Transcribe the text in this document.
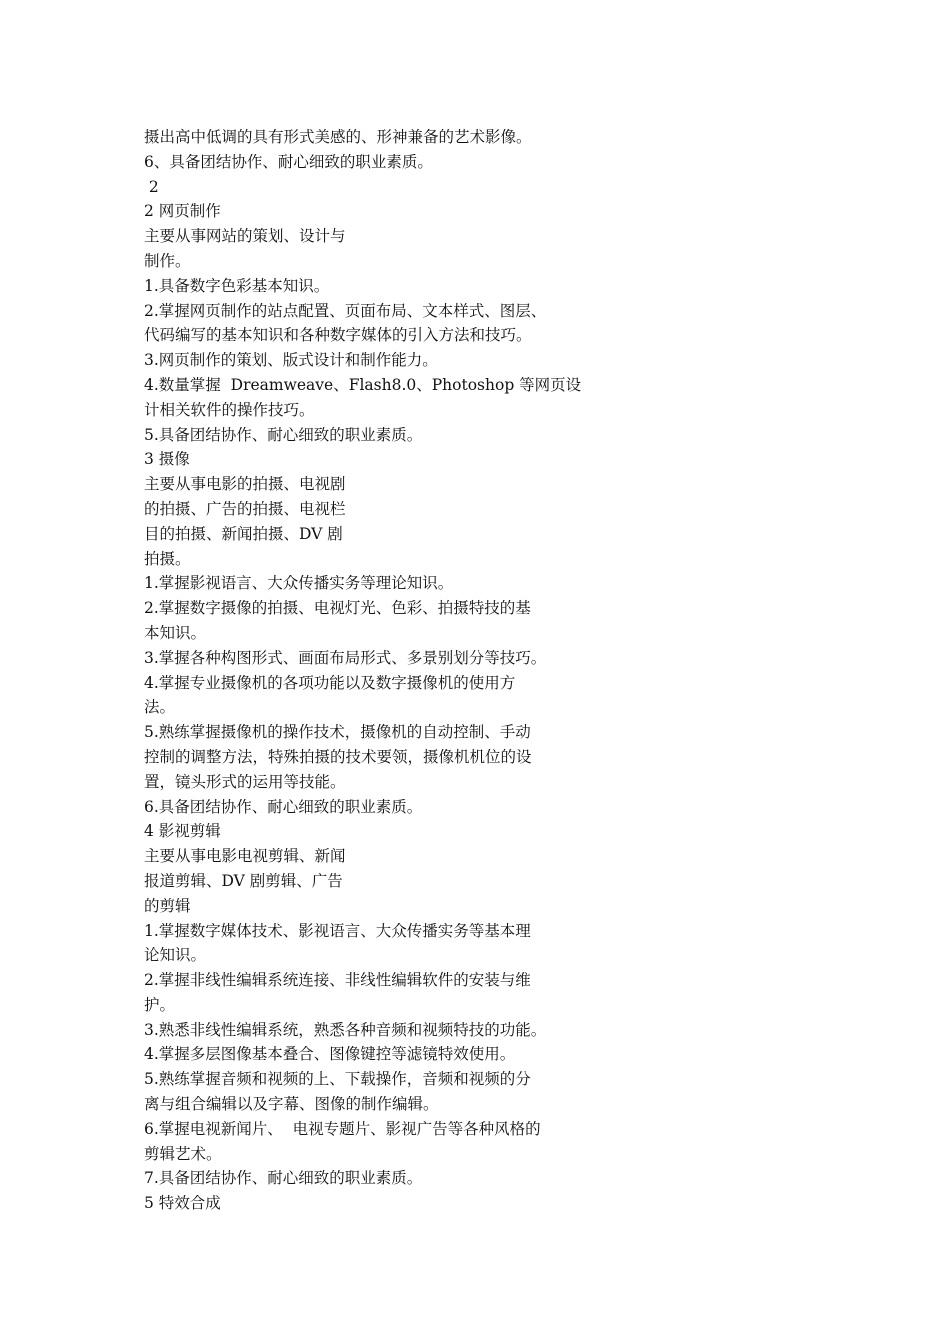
摄出高中低调的具有形式美感的、形神兼备的艺术影像。
6、具备团结协作、耐心细致的职业素质。
2
2 网页制作
主要从事网站的策划、设计与
制作。
1.具备数字色彩基本知识。
2.掌握网页制作的站点配置、页面布局、文本样式、图层、
代码编写的基本知识和各种数字媒体的引入方法和技巧。
3.网页制作的策划、版式设计和制作能力。
4.数量掌握  Dreamweave、Flash8.0、Photoshop 等网页设
计相关软件的操作技巧。
5.具备团结协作、耐心细致的职业素质。
3 摄像
主要从事电影的拍摄、电视剧
的拍摄、广告的拍摄、电视栏
目的拍摄、新闻拍摄、DV 剧
拍摄。
1.掌握影视语言、大众传播实务等理论知识。
2.掌握数字摄像的拍摄、电视灯光、色彩、拍摄特技的基
本知识。
3.掌握各种构图形式、画面布局形式、多景别划分等技巧。
4.掌握专业摄像机的各项功能以及数字摄像机的使用方
法。
5.熟练掌握摄像机的操作技术，摄像机的自动控制、手动
控制的调整方法，特殊拍摄的技术要领，摄像机机位的设
置，镜头形式的运用等技能。
6.具备团结协作、耐心细致的职业素质。
4 影视剪辑
主要从事电影电视剪辑、新闻
报道剪辑、DV 剧剪辑、广告
的剪辑
1.掌握数字媒体技术、影视语言、大众传播实务等基本理
论知识。
2.掌握非线性编辑系统连接、非线性编辑软件的安装与维
护。
3.熟悉非线性编辑系统，熟悉各种音频和视频特技的功能。
4.掌握多层图像基本叠合、图像键控等滤镜特效使用。
5.熟练掌握音频和视频的上、下载操作，音频和视频的分
离与组合编辑以及字幕、图像的制作编辑。
6.掌握电视新闻片、  电视专题片、影视广告等各种风格的
剪辑艺术。
7.具备团结协作、耐心细致的职业素质。
5 特效合成
